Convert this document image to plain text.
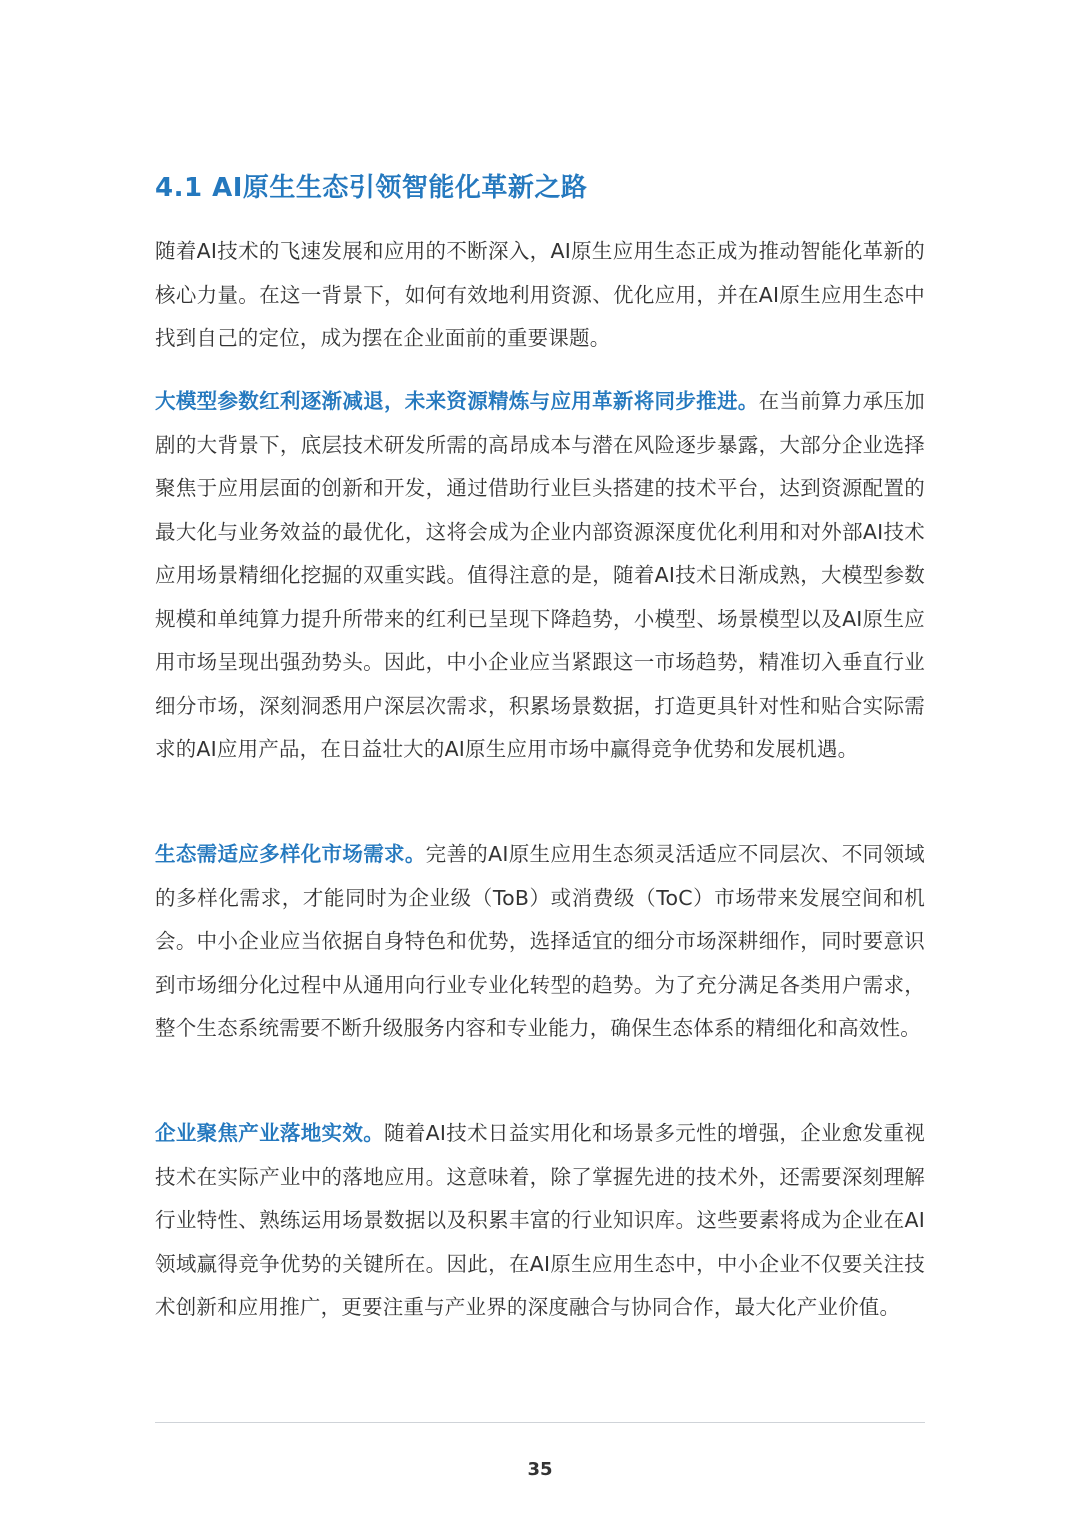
4.1 AI原生生态引领智能化革新之路

随着AI技术的飞速发展和应用的不断深入，AI原生应用生态正成为推动智能化革新的核心力量。在这一背景下，如何有效地利用资源、优化应用，并在AI原生应用生态中找到自己的定位，成为摆在企业面前的重要课题。

大模型参数红利逐渐减退，未来资源精炼与应用革新将同步推进。在当前算力承压加剧的大背景下，底层技术研发所需的高昂成本与潜在风险逐步暴露，大部分企业选择聚焦于应用层面的创新和开发，通过借助行业巨头搭建的技术平台，达到资源配置的最大化与业务效益的最优化，这将会成为企业内部资源深度优化利用和对外部AI技术应用场景精细化挖掘的双重实践。值得注意的是，随着AI技术日渐成熟，大模型参数规模和单纯算力提升所带来的红利已呈现下降趋势，小模型、场景模型以及AI原生应用市场呈现出强劲势头。因此，中小企业应当紧跟这一市场趋势，精准切入垂直行业细分市场，深刻洞悉用户深层次需求，积累场景数据，打造更具针对性和贴合实际需求的AI应用产品，在日益壮大的AI原生应用市场中赢得竞争优势和发展机遇。

生态需适应多样化市场需求。完善的AI原生应用生态须灵活适应不同层次、不同领域的多样化需求，才能同时为企业级（ToB）或消费级（ToC）市场带来发展空间和机会。中小企业应当依据自身特色和优势，选择适宜的细分市场深耕细作，同时要意识到市场细分化过程中从通用向行业专业化转型的趋势。为了充分满足各类用户需求，整个生态系统需要不断升级服务内容和专业能力，确保生态体系的精细化和高效性。

企业聚焦产业落地实效。随着AI技术日益实用化和场景多元性的增强，企业愈发重视技术在实际产业中的落地应用。这意味着，除了掌握先进的技术外，还需要深刻理解行业特性、熟练运用场景数据以及积累丰富的行业知识库。这些要素将成为企业在AI领域赢得竞争优势的关键所在。因此，在AI原生应用生态中，中小企业不仅要关注技术创新和应用推广，更要注重与产业界的深度融合与协同合作，最大化产业价值。

35
